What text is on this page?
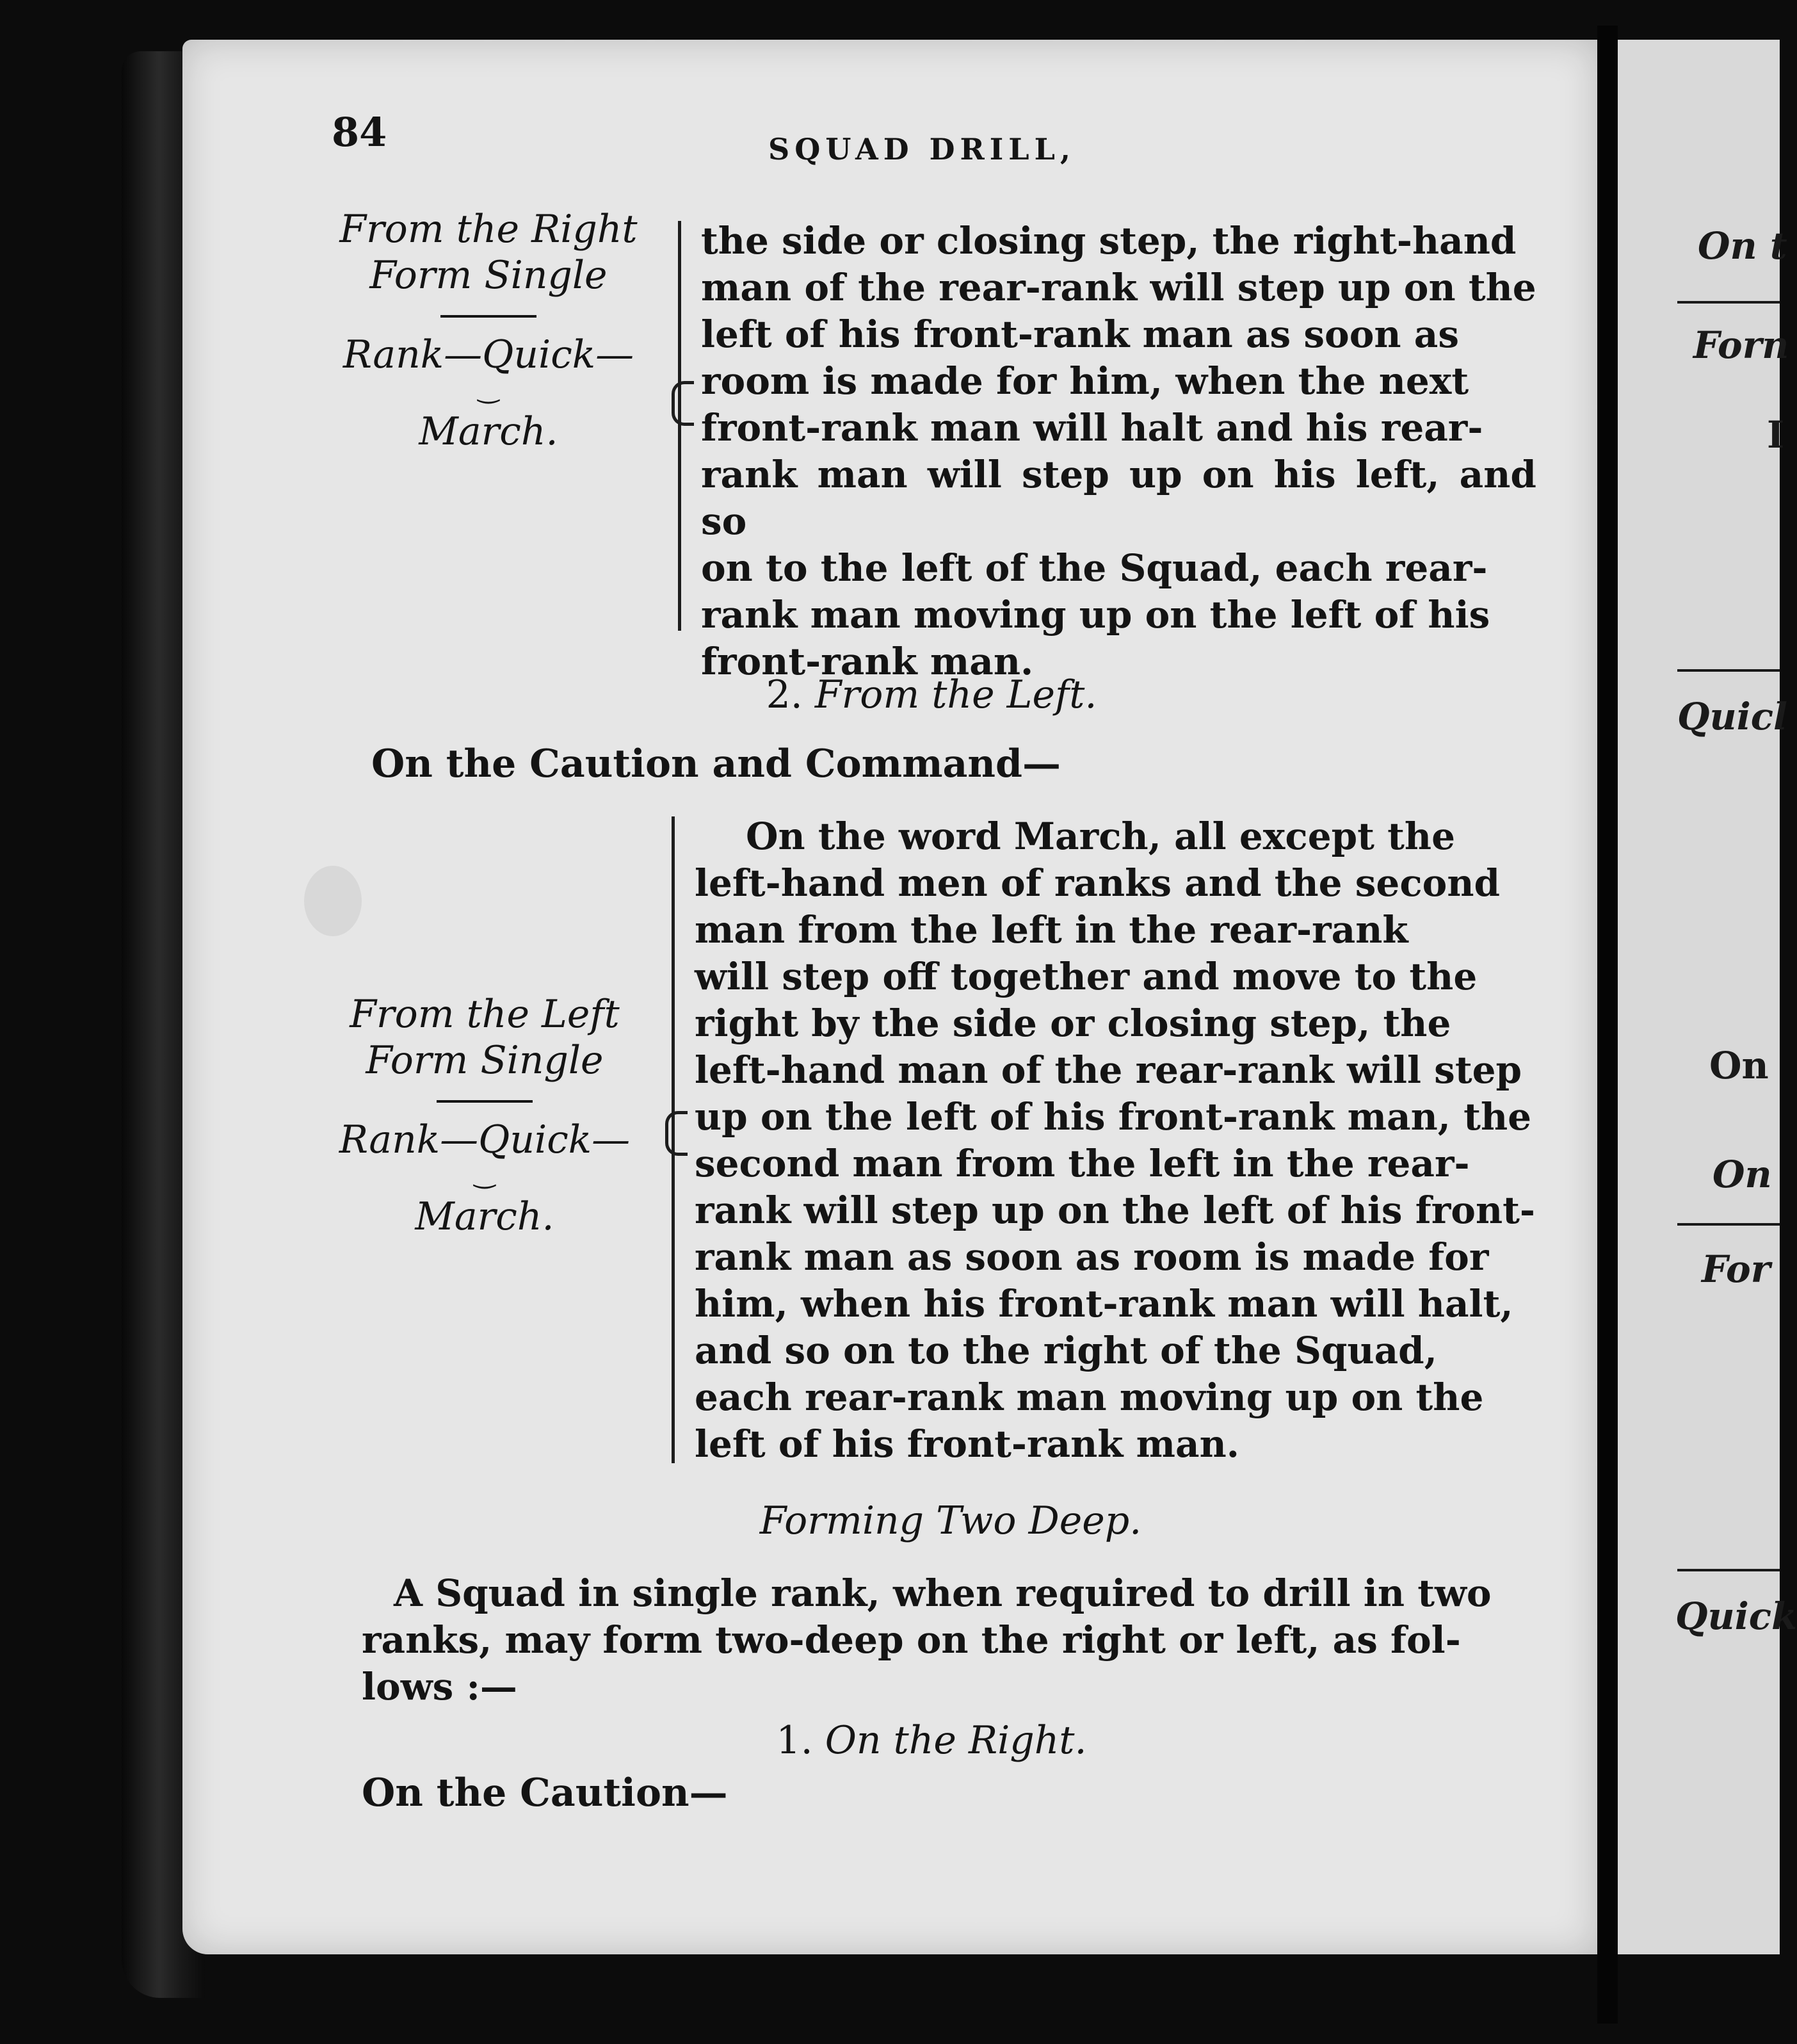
84	SQUAD DRILL,
From the Right
Form Single
Rank—Quick—
‿
March.
the side or closing step, the right-hand
man of the rear-rank will step up on the
left of his front-rank man as soon as
room is made for him, when the next
front-rank man will halt and his rear-
rank man will step up on his left, and so
on to the left of the Squad, each rear-
rank man moving up on the left of his
front-rank man.
2. From the Left.
On the Caution and Command—
From the Left
Form Single
Rank—Quick—
‿
March.
On the word March, all except the
left-hand men of ranks and the second
man from the left in the rear-rank
will step off together and move to the
right by the side or closing step, the
left-hand man of the rear-rank will step
up on the left of his front-rank man, the
second man from the left in the rear-
rank will step up on the left of his front-
rank man as soon as room is made for
him, when his front-rank man will halt,
and so on to the right of the Squad,
each rear-rank man moving up on the
left of his front-rank man.
Forming Two Deep.
A Squad in single rank, when required to drill in two
ranks, may form two-deep on the right or left, as fol-
lows :—
1. On the Right.
On the Caution—
On t
Forn
I
Quicl
On
On
For
Quick
